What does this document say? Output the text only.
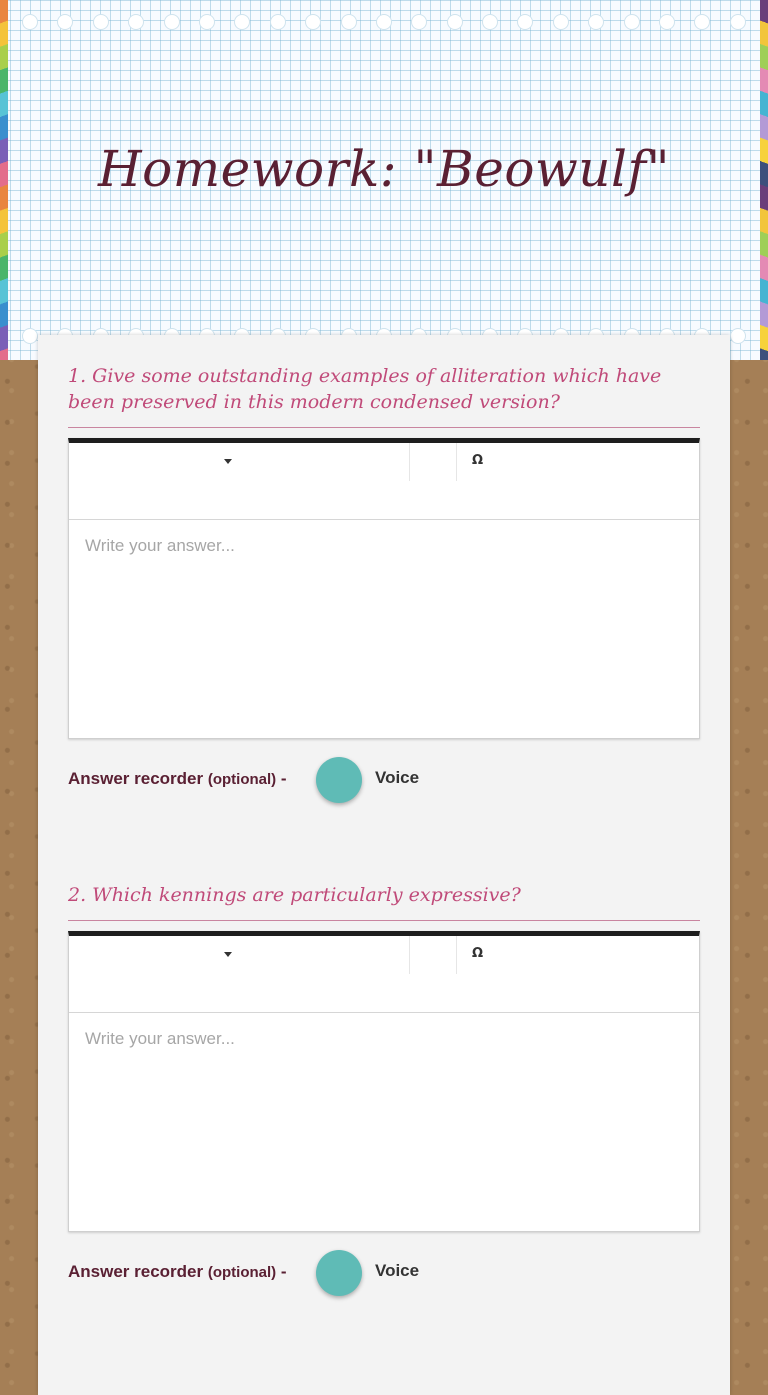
Homework: "Beowulf"

1. Give some outstanding examples of alliteration which have been preserved in this modern condensed version?

Ω
Write your answer...
Answer recorder (optional) -	Voice

2. Which kennings are particularly expressive?

Ω
Write your answer...
Answer recorder (optional) -	Voice
